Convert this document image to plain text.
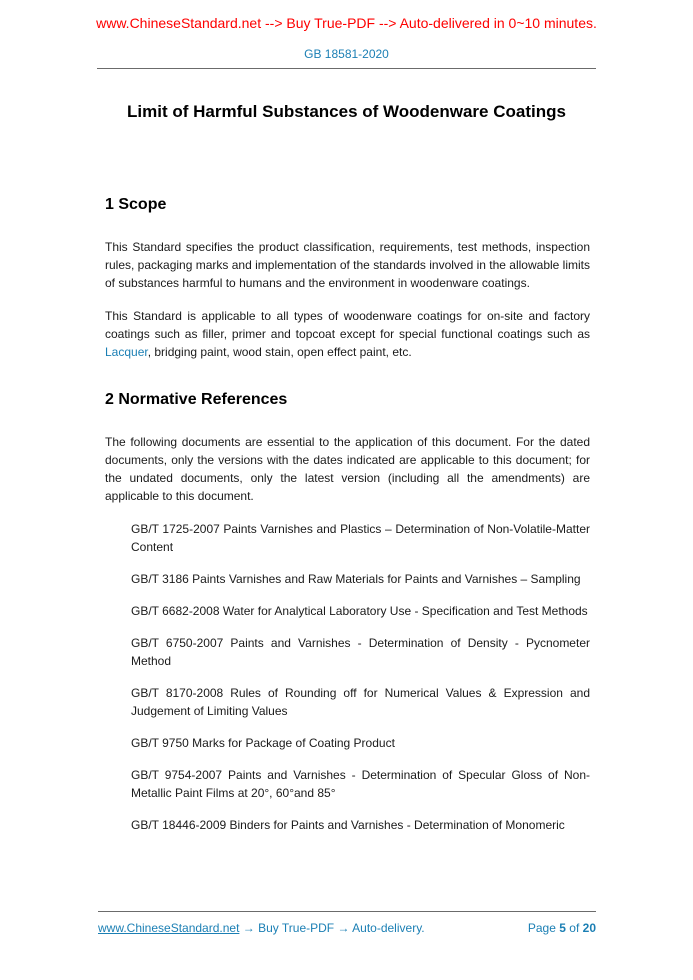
www.ChineseStandard.net --> Buy True-PDF --> Auto-delivered in 0~10 minutes.
GB 18581-2020
Limit of Harmful Substances of Woodenware Coatings
1 Scope

This Standard specifies the product classification, requirements, test methods, inspection rules, packaging marks and implementation of the standards involved in the allowable limits of substances harmful to humans and the environment in woodenware coatings.

This Standard is applicable to all types of woodenware coatings for on-site and factory coatings such as filler, primer and topcoat except for special functional coatings such as Lacquer, bridging paint, wood stain, open effect paint, etc.

2 Normative References

The following documents are essential to the application of this document. For the dated documents, only the versions with the dates indicated are applicable to this document; for the undated documents, only the latest version (including all the amendments) are applicable to this document.

GB/T 1725-2007 Paints Varnishes and Plastics – Determination of Non-Volatile-Matter Content

GB/T 3186 Paints Varnishes and Raw Materials for Paints and Varnishes – Sampling

GB/T 6682-2008 Water for Analytical Laboratory Use - Specification and Test Methods

GB/T 6750-2007 Paints and Varnishes - Determination of Density - Pycnometer Method

GB/T 8170-2008 Rules of Rounding off for Numerical Values & Expression and Judgement of Limiting Values

GB/T 9750 Marks for Package of Coating Product

GB/T 9754-2007 Paints and Varnishes - Determination of Specular Gloss of Non-Metallic Paint Films at 20°, 60°and 85°

GB/T 18446-2009 Binders for Paints and Varnishes - Determination of Monomeric

www.ChineseStandard.net → Buy True-PDF → Auto-delivery.	Page 5 of 20
